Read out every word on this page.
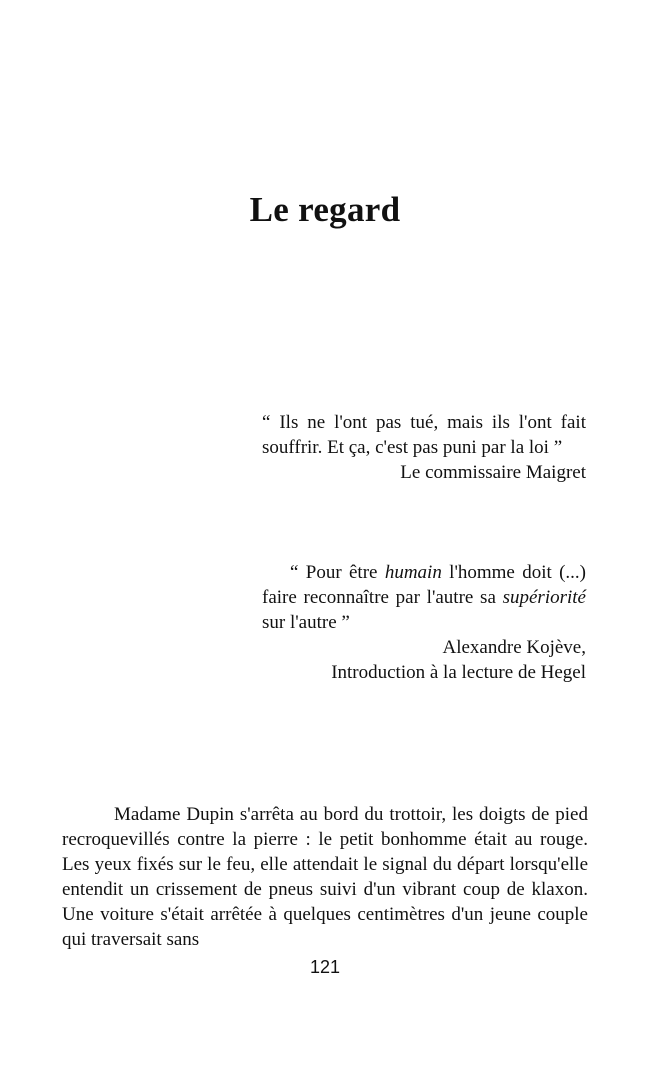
Le regard
“ Ils ne l'ont pas tué, mais ils l'ont fait souffrir. Et ça, c'est pas puni par la loi ”
Le commissaire Maigret
“ Pour être humain l'homme doit (...) faire reconnaître par l'autre sa supériorité sur l'autre ”
Alexandre Kojève,
Introduction à la lecture de Hegel

Madame Dupin s'arrêta au bord du trottoir, les doigts de pied recroquevillés contre la pierre : le petit bonhomme était au rouge. Les yeux fixés sur le feu, elle attendait le signal du départ lorsqu'elle entendit un crissement de pneus suivi d'un vibrant coup de klaxon. Une voiture s'était arrêtée à quelques centimètres d'un jeune couple qui traversait sans

121
